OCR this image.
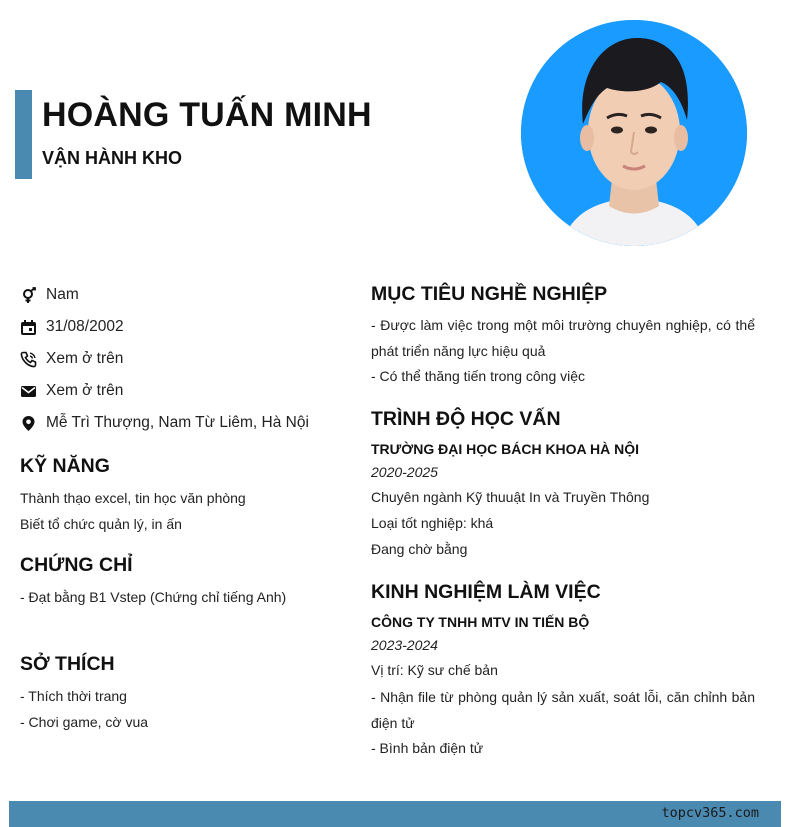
HOÀNG TUẤN MINH
VẬN HÀNH KHO
Nam
31/08/2002
Xem ở trên
Xem ở trên
Mễ Trì Thượng, Nam Từ Liêm, Hà Nội
KỸ NĂNG
Thành thạo excel, tin học văn phòng
Biết tổ chức quản lý, in ấn
CHỨNG CHỈ
- Đạt bằng B1 Vstep (Chứng chỉ tiếng Anh)
SỞ THÍCH
- Thích thời trang
- Chơi game, cờ vua
MỤC TIÊU NGHỀ NGHIỆP
- Được làm việc trong một môi trường chuyên nghiệp, có thể phát triển năng lực hiệu quả
- Có thể thăng tiến trong công việc
TRÌNH ĐỘ HỌC VẤN
TRƯỜNG ĐẠI HỌC BÁCH KHOA HÀ NỘI
2020-2025
Chuyên ngành Kỹ thuuật In và Truyền Thông
Loại tốt nghiệp: khá
Đang chờ bằng
KINH NGHIỆM LÀM VIỆC
CÔNG TY TNHH MTV IN TIẾN BỘ
2023-2024
Vị trí: Kỹ sư chế bản
- Nhận file từ phòng quản lý sản xuất, soát lỗi, căn chỉnh bản điện tử
- Bình bản điện tử
topcv365.com
